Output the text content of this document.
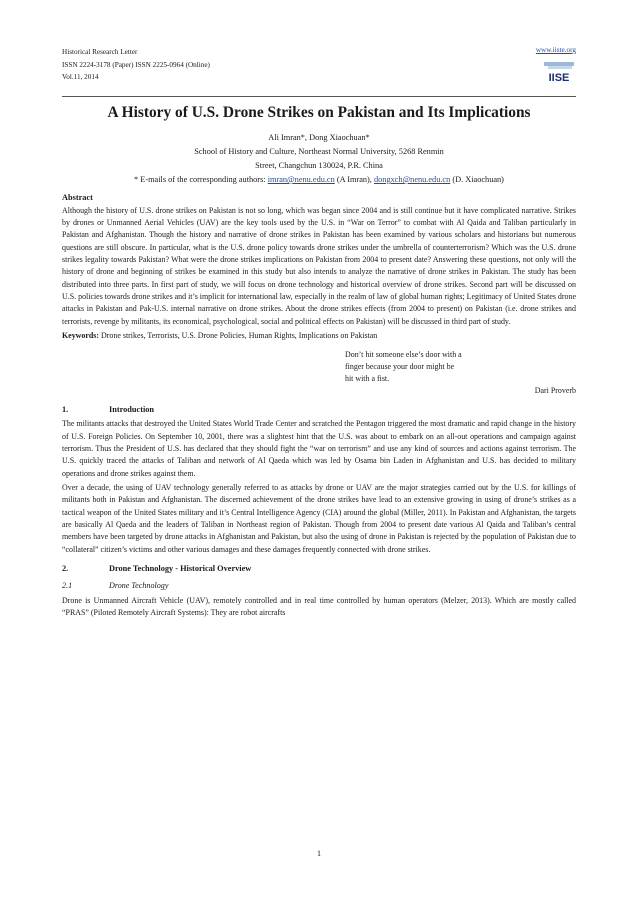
Historical Research Letter
ISSN 2224-3178 (Paper) ISSN 2225-0964 (Online)
Vol.11, 2014
www.iiste.org
IISE
A History of U.S. Drone Strikes on Pakistan and Its Implications
Ali Imran*, Dong Xiaochuan*
School of History and Culture, Northeast Normal University, 5268 Renmin
Street, Changchun 130024, P.R. China
* E-mails of the corresponding authors: imran@nenu.edu.cn (A Imran), dongxch@nenu.edu.cn (D. Xiaochuan)
Abstract

Although the history of U.S. drone strikes on Pakistan is not so long, which was began since 2004 and is still continue but it have complicated narrative. Strikes by drones or Unmanned Aerial Vehicles (UAV) are the key tools used by the U.S. in “War on Terror” to combat with Al Qaida and Taliban particularly in Pakistan and Afghanistan. Though the history and narrative of drone strikes in Pakistan has been examined by various scholars and historians but numerous questions are still obscure. In particular, what is the U.S. drone policy towards drone strikes under the umbrella of counterterrorism? Which was the U.S. drone strikes legality towards Pakistan? What were the drone strikes implications on Pakistan from 2004 to present date? Answering these questions, not only will the history of drone and beginning of strikes be examined in this study but also intends to analyze the narrative of drone strikes in Pakistan. The study has been distributed into three parts. In first part of study, we will focus on drone technology and historical overview of drone strikes. Second part will be discussed on U.S. policies towards drone strikes and it’s implicit for international law, especially in the realm of law of global human rights; Legitimacy of United States drone attacks in Pakistan and Pak-U.S. internal narrative on drone strikes. About the drone strikes effects (from 2004 to present) on Pakistan (i.e. drone strikes and terrorists, revenge by militants, its economical, psychological, social and political effects on Pakistan) will be discussed in third part of study.

Keywords: Drone strikes, Terrorists, U.S. Drone Policies, Human Rights, Implications on Pakistan

Don’t hit someone else’s door with a
finger because your door might be
hit with a fist.
Dari Proverb
1.	Introduction

The militants attacks that destroyed the United States World Trade Center and scratched the Pentagon triggered the most dramatic and rapid change in the history of U.S. Foreign Policies. On September 10, 2001, there was a slightest hint that the U.S. was about to embark on an all-out operations and campaign against terrorism. Thus the President of U.S. has declared that they should fight the “war on terrorism” and use any kind of sources and actions against terrorism. The U.S. quickly traced the attacks of Taliban and network of Al Qaeda which was led by Osama bin Laden in Afghanistan and U.S. has decided to military operations and drone strikes against them.

Over a decade, the using of UAV technology generally referred to as attacks by drone or UAV are the major strategies carried out by the U.S. for killings of militants both in Pakistan and Afghanistan. The discerned achievement of the drone strikes have lead to an extensive growing in using of drone’s strikes as a tactical weapon of the United States military and it’s Central Intelligence Agency (CIA) around the global (Miller, 2011). In Pakistan and Afghanistan, the targets are basically Al Qaeda and the leaders of Taliban in Northeast region of Pakistan. Though from 2004 to present date various Al Qaida and Taliban’s central members have been targeted by drone attacks in Afghanistan and Pakistan, but also the using of drone in Pakistan is rejected by the population of Pakistan due to “collateral” citizen’s victims and other various damages and these damages frequently connected with drone strikes.

2.	Drone Technology - Historical Overview
2.1	Drone Technology

Drone is Unmanned Aircraft Vehicle (UAV), remotely controlled and in real time controlled by human operators (Melzer, 2013). Which are mostly called “PRAS” (Piloted Remotely Aircraft Systems): They are robot aircrafts

1
